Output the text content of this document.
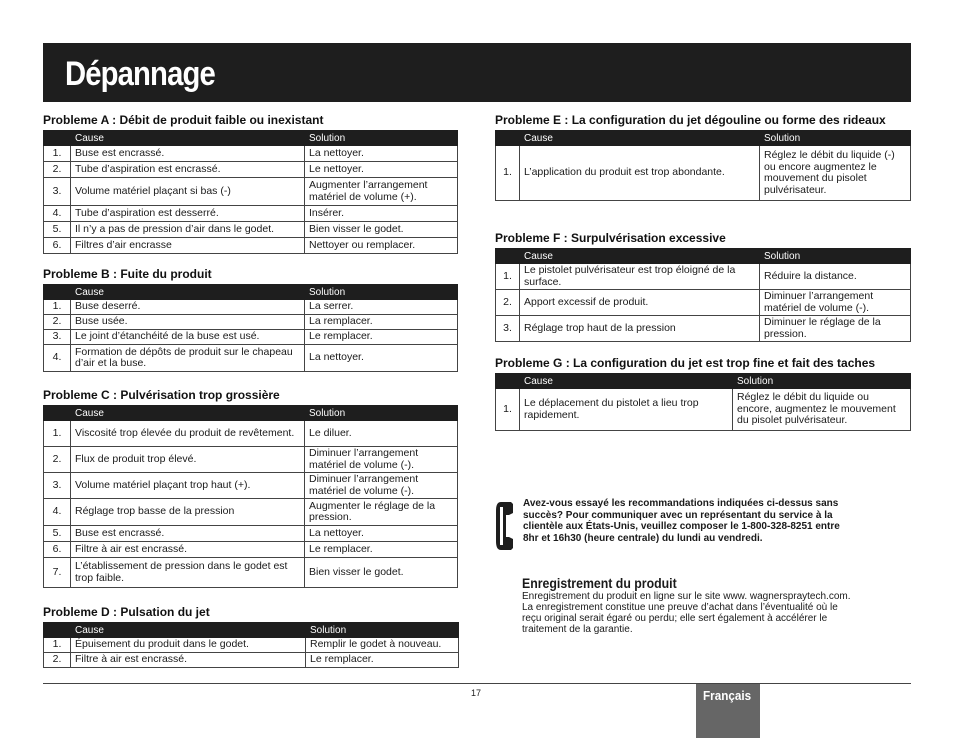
Dépannage
Probleme A : Débit de produit faible ou inexistant
	Cause	Solution
1.	Buse est encrassé.	La nettoyer.
2.	Tube d’aspiration est encrassé.	Le nettoyer.
3.	Volume matériel plaçant si bas (-)	Augmenter l’arrangement matériel de volume (+).
4.	Tube d’aspiration est desserré.	Insérer.
5.	Il n’y a pas de pression d’air dans le godet.	Bien visser le godet.
6.	Filtres d’air encrasse	Nettoyer ou remplacer.
Probleme B : Fuite du produit
	Cause	Solution
1.	Buse deserré.	La serrer.
2.	Buse usée.	La remplacer.
3.	Le joint d’étanchéité de la buse est usé.	Le remplacer.
4.	Formation de dépôts de produit sur le chapeau d’air et la buse.	La nettoyer.
Probleme C : Pulvérisation trop grossière
	Cause	Solution
1.	Viscosité trop élevée du produit de revêtement.	Le diluer.
2.	Flux de produit trop élevé.	Diminuer l’arrangement matériel de volume (-).
3.	Volume matériel plaçant trop haut (+).	Diminuer l’arrangement matériel de volume (-).
4.	Réglage trop basse de la pression	Augmenter le réglage de la pression.
5.	Buse est encrassé.	La nettoyer.
6.	Filtre à air est encrassé.	Le remplacer.
7.	L’établissement de pression dans le godet est trop faible.	Bien visser le godet.
Probleme D : Pulsation du jet
	Cause	Solution
1.	Épuisement du produit dans le godet.	Remplir le godet à nouveau.
2.	Filtre à air est encrassé.	Le remplacer.
Probleme E : La configuration du jet dégouline ou forme des rideaux
	Cause	Solution
1.	L’application du produit est trop abondante.	Réglez le débit du liquide (-) ou encore augmentez le mouvement du pisolet pulvérisateur.
Probleme F : Surpulvérisation excessive
	Cause	Solution
1.	Le pistolet pulvérisateur est trop éloigné de la surface.	Réduire la distance.
2.	Apport excessif de produit.	Diminuer l’arrangement matériel de volume (-).
3.	Réglage trop haut de la pression	Diminuer le réglage de la pression.
Probleme G : La configuration du jet est trop fine et fait des taches
	Cause	Solution
1.	Le déplacement du pistolet a lieu trop rapidement.	Réglez le débit du liquide ou encore, augmentez le mouvement du pisolet pulvérisateur.
Avez-vous essayé les recommandations indiquées ci-dessus sans succès? Pour communiquer avec un représentant du service à la clientèle aux États-Unis, veuillez composer le 1-800-328-8251 entre 8hr et 16h30 (heure centrale) du lundi au vendredi.
Enregistrement du produit

Enregistrement du produit en ligne sur le site www. wagnerspraytech.com. La enregistrement constitue une preuve d’achat dans l’éventualité où le reçu original serait égaré ou perdu; elle sert également à accélérer le traitement de la garantie.

17	Français
